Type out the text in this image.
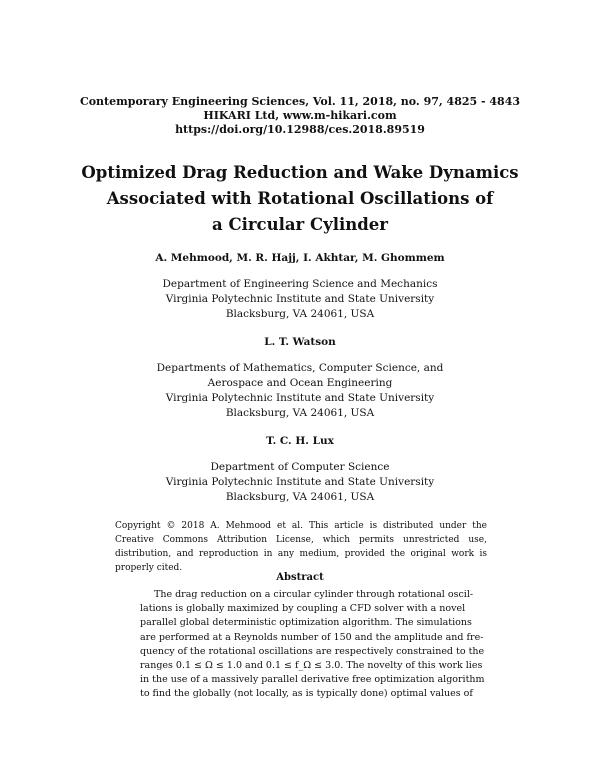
Contemporary Engineering Sciences, Vol. 11, 2018, no. 97, 4825 - 4843
HIKARI Ltd, www.m-hikari.com
https://doi.org/10.12988/ces.2018.89519
Optimized Drag Reduction and Wake Dynamics
Associated with Rotational Oscillations of
a Circular Cylinder
A. Mehmood, M. R. Hajj, I. Akhtar, M. Ghommem
Department of Engineering Science and Mechanics
Virginia Polytechnic Institute and State University
Blacksburg, VA 24061, USA
L. T. Watson
Departments of Mathematics, Computer Science, and
Aerospace and Ocean Engineering
Virginia Polytechnic Institute and State University
Blacksburg, VA 24061, USA
T. C. H. Lux
Department of Computer Science
Virginia Polytechnic Institute and State University
Blacksburg, VA 24061, USA
Copyright © 2018 A. Mehmood et al. This article is distributed under the Creative Commons Attribution License, which permits unrestricted use, distribution, and reproduction in any medium, provided the original work is properly cited.
Abstract
The drag reduction on a circular cylinder through rotational oscil-
lations is globally maximized by coupling a CFD solver with a novel
parallel global deterministic optimization algorithm. The simulations
are performed at a Reynolds number of 150 and the amplitude and fre-
quency of the rotational oscillations are respectively constrained to the
ranges 0.1 ≤ Ω ≤ 1.0 and 0.1 ≤ f_Ω ≤ 3.0. The novelty of this work lies
in the use of a massively parallel derivative free optimization algorithm
to find the globally (not locally, as is typically done) optimal values of
